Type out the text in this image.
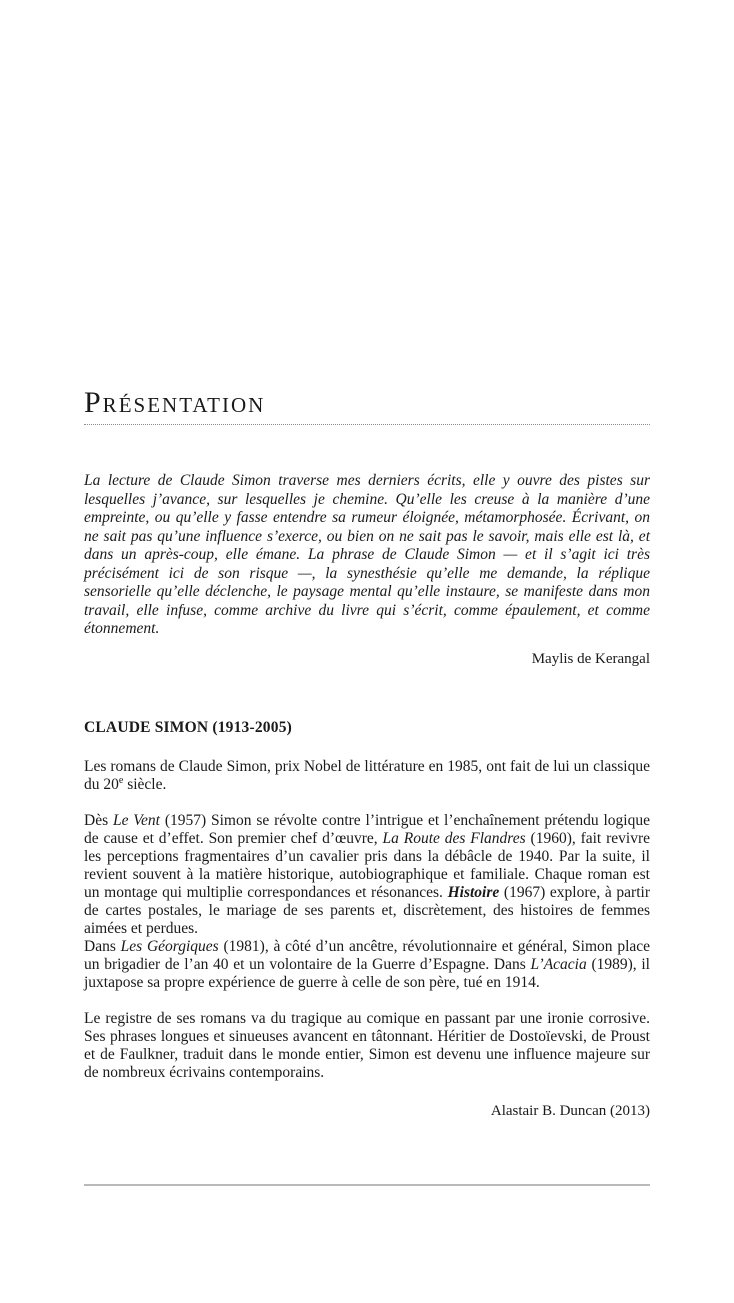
Présentation
La lecture de Claude Simon traverse mes derniers écrits, elle y ouvre des pistes sur lesquelles j’avance, sur lesquelles je chemine. Qu’elle les creuse à la manière d’une empreinte, ou qu’elle y fasse entendre sa rumeur éloignée, métamorphosée. Écrivant, on ne sait pas qu’une influence s’exerce, ou bien on ne sait pas le savoir, mais elle est là, et dans un après-coup, elle émane. La phrase de Claude Simon — et il s’agit ici très précisément ici de son risque —, la synesthésie qu’elle me demande, la réplique sensorielle qu’elle déclenche, le paysage mental qu’elle instaure, se manifeste dans mon travail, elle infuse, comme archive du livre qui s’écrit, comme épaulement, et comme étonnement.
Maylis de Kerangal
CLAUDE SIMON (1913-2005)

Les romans de Claude Simon, prix Nobel de littérature en 1985, ont fait de lui un classique du 20e siècle.

Dès Le Vent (1957) Simon se révolte contre l’intrigue et l’enchaînement prétendu logique de cause et d’effet. Son premier chef d’œuvre, La Route des Flandres (1960), fait revivre les perceptions fragmentaires d’un cavalier pris dans la débâcle de 1940. Par la suite, il revient souvent à la matière historique, autobiographique et familiale. Chaque roman est un montage qui multiplie correspondances et résonances. Histoire (1967) explore, à partir de cartes postales, le mariage de ses parents et, discrètement, des histoires de femmes aimées et perdues.

Dans Les Géorgiques (1981), à côté d’un ancêtre, révolutionnaire et général, Simon place un brigadier de l’an 40 et un volontaire de la Guerre d’Espagne. Dans L’Acacia (1989), il juxtapose sa propre expérience de guerre à celle de son père, tué en 1914.

Le registre de ses romans va du tragique au comique en passant par une ironie corrosive. Ses phrases longues et sinueuses avancent en tâtonnant. Héritier de Dostoïevski, de Proust et de Faulkner, traduit dans le monde entier, Simon est devenu une influence majeure sur de nombreux écrivains contemporains.

Alastair B. Duncan (2013)
